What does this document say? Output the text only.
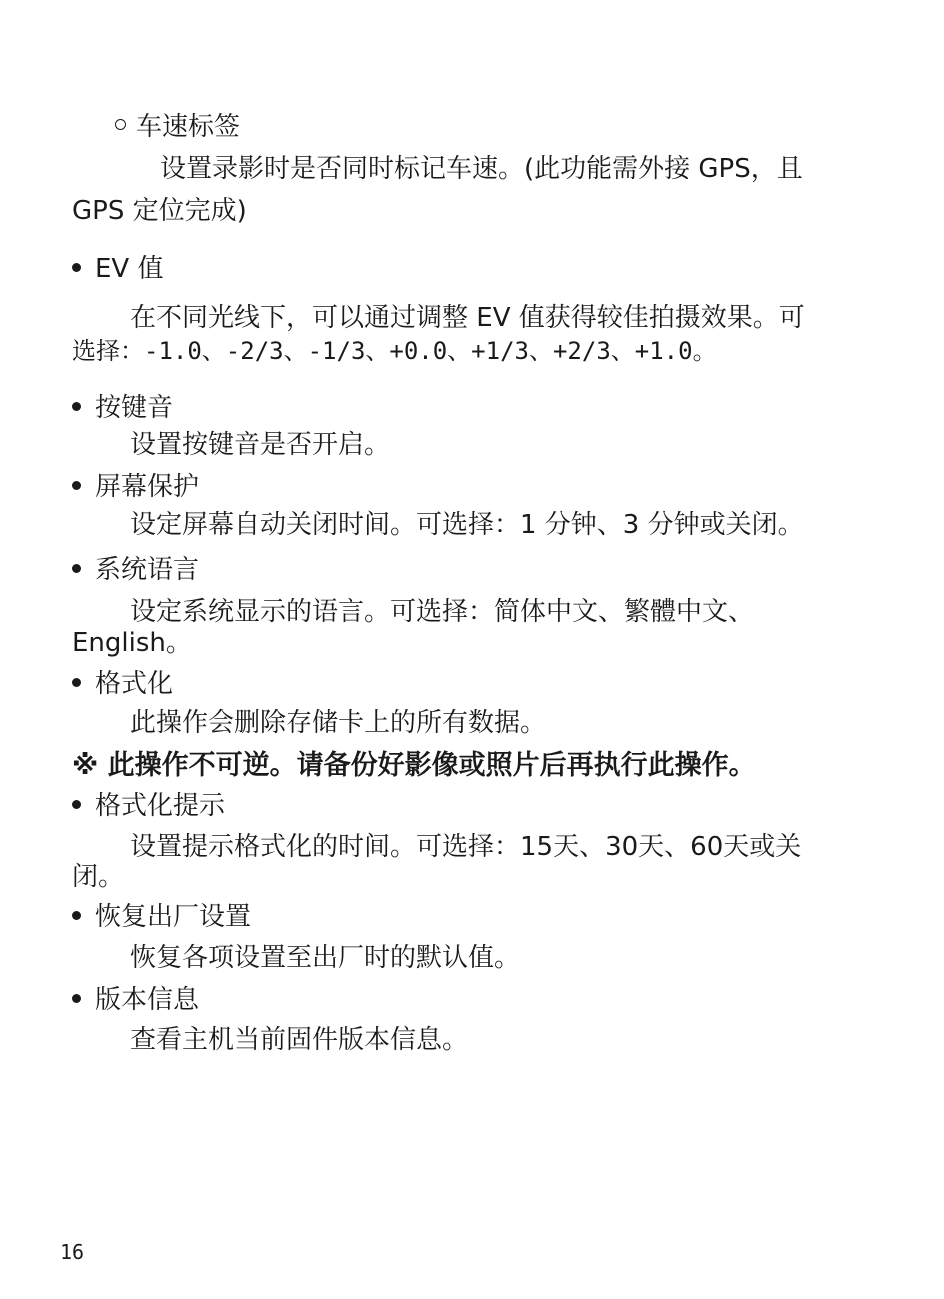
车速标签
设置录影时是否同时标记车速。(此功能需外接 GPS，且
GPS 定位完成)
EV 值
在不同光线下，可以通过调整 EV 值获得较佳拍摄效果。可
选择：-1.0、-2/3、-1/3、+0.0、+1/3、+2/3、+1.0。
按键音
设置按键音是否开启。
屏幕保护
设定屏幕自动关闭时间。可选择：1 分钟、3 分钟或关闭。
系统语言
设定系统显示的语言。可选择：简体中文、繁體中文、
English。
格式化
此操作会删除存储卡上的所有数据。
※ 此操作不可逆。请备份好影像或照片后再执行此操作。
格式化提示
设置提示格式化的时间。可选择：15天、30天、60天或关
闭。
恢复出厂设置
恢复各项设置至出厂时的默认值。
版本信息
查看主机当前固件版本信息。
16
